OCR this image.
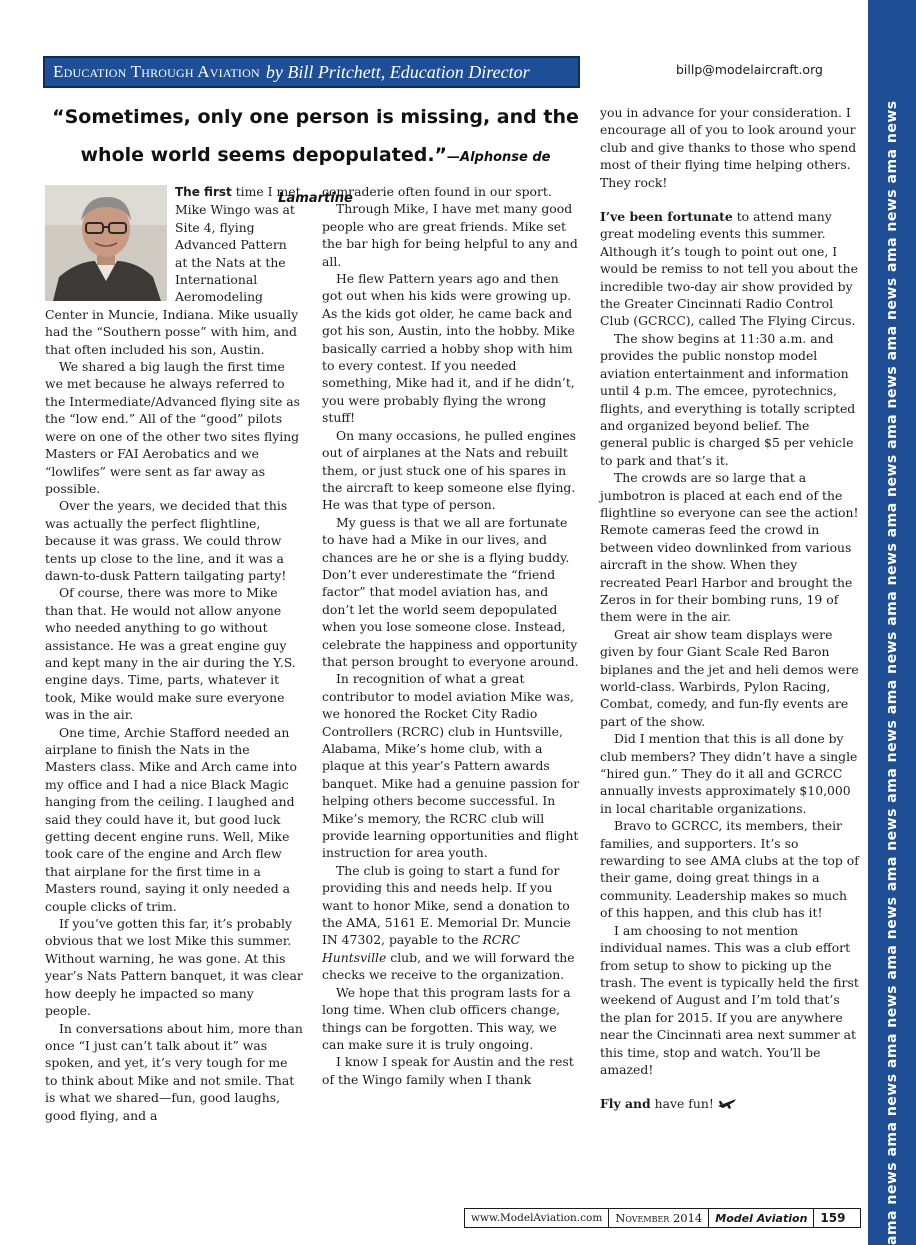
Education Through Aviation by Bill Pritchett, Education Director	billp@modelaircraft.org
“Sometimes, only one person is missing, and the whole world seems depopulated.”—Alphonse de Lamartine	ama news ama news ama news ama news ama news ama news ama news ama news ama news ama news ama news ama news ama news

The first time I met Mike Wingo was at Site 4, flying Advanced Pattern at the Nats at the International Aeromodeling Center in Muncie, Indiana. Mike usually had the “Southern posse” with him, and that often included his son, Austin.

We shared a big laugh the first time we met because he always referred to the Intermediate/Advanced flying site as the “low end.” All of the “good” pilots were on one of the other two sites flying Masters or FAI Aerobatics and we “lowlifes” were sent as far away as possible.

Over the years, we decided that this was actually the perfect flightline, because it was grass. We could throw tents up close to the line, and it was a dawn-to-dusk Pattern tailgating party!

Of course, there was more to Mike than that. He would not allow anyone who needed anything to go without assistance. He was a great engine guy and kept many in the air during the Y.S. engine days. Time, parts, whatever it took, Mike would make sure everyone was in the air.

One time, Archie Stafford needed an airplane to finish the Nats in the Masters class. Mike and Arch came into my office and I had a nice Black Magic hanging from the ceiling. I laughed and said they could have it, but good luck getting decent engine runs. Well, Mike took care of the engine and Arch flew that airplane for the first time in a Masters round, saying it only needed a couple clicks of trim.

If you’ve gotten this far, it’s probably obvious that we lost Mike this summer. Without warning, he was gone. At this year’s Nats Pattern banquet, it was clear how deeply he impacted so many people.

In conversations about him, more than once “I just can’t talk about it” was spoken, and yet, it’s very tough for me to think about Mike and not smile. That is what we shared—fun, good laughs, good flying, and a

comraderie often found in our sport.

Through Mike, I have met many good people who are great friends. Mike set the bar high for being helpful to any and all.

He flew Pattern years ago and then got out when his kids were growing up. As the kids got older, he came back and got his son, Austin, into the hobby. Mike basically carried a hobby shop with him to every contest. If you needed something, Mike had it, and if he didn’t, you were probably flying the wrong stuff!

On many occasions, he pulled engines out of airplanes at the Nats and rebuilt them, or just stuck one of his spares in the aircraft to keep someone else flying. He was that type of person.

My guess is that we all are fortunate to have had a Mike in our lives, and chances are he or she is a flying buddy. Don’t ever underestimate the “friend factor” that model aviation has, and don’t let the world seem depopulated when you lose someone close. Instead, celebrate the happiness and opportunity that person brought to everyone around.

In recognition of what a great contributor to model aviation Mike was, we honored the Rocket City Radio Controllers (RCRC) club in Huntsville, Alabama, Mike’s home club, with a plaque at this year’s Pattern awards banquet. Mike had a genuine passion for helping others become successful. In Mike’s memory, the RCRC club will provide learning opportunities and flight instruction for area youth.

The club is going to start a fund for providing this and needs help. If you want to honor Mike, send a donation to the AMA, 5161 E. Memorial Dr. Muncie IN 47302, payable to the RCRC Huntsville club, and we will forward the checks we receive to the organization.

We hope that this program lasts for a long time. When club officers change, things can be forgotten. This way, we can make sure it is truly ongoing.

I know I speak for Austin and the rest of the Wingo family when I thank

you in advance for your consideration. I encourage all of you to look around your club and give thanks to those who spend most of their flying time helping others. They rock!

I’ve been fortunate to attend many great modeling events this summer. Although it’s tough to point out one, I would be remiss to not tell you about the incredible two-day air show provided by the Greater Cincinnati Radio Control Club (GCRCC), called The Flying Circus.

The show begins at 11:30 a.m. and provides the public nonstop model aviation entertainment and information until 4 p.m. The emcee, pyrotechnics, flights, and everything is totally scripted and organized beyond belief. The general public is charged $5 per vehicle to park and that’s it.

The crowds are so large that a jumbotron is placed at each end of the flightline so everyone can see the action! Remote cameras feed the crowd in between video downlinked from various aircraft in the show. When they recreated Pearl Harbor and brought the Zeros in for their bombing runs, 19 of them were in the air.

Great air show team displays were given by four Giant Scale Red Baron biplanes and the jet and heli demos were world-class. Warbirds, Pylon Racing, Combat, comedy, and fun-fly events are part of the show.

Did I mention that this is all done by club members? They didn’t have a single “hired gun.” They do it all and GCRCC annually invests approximately $10,000 in local charitable organizations.

Bravo to GCRCC, its members, their families, and supporters. It’s so rewarding to see AMA clubs at the top of their game, doing great things in a community. Leadership makes so much of this happen, and this club has it!

I am choosing to not mention individual names. This was a club effort from setup to show to picking up the trash. The event is typically held the first weekend of August and I’m told that’s the plan for 2015. If you are anywhere near the Cincinnati area next summer at this time, stop and watch. You’ll be amazed!

Fly and have fun!

www.ModelAviation.com	November 2014	Model Aviation	159
